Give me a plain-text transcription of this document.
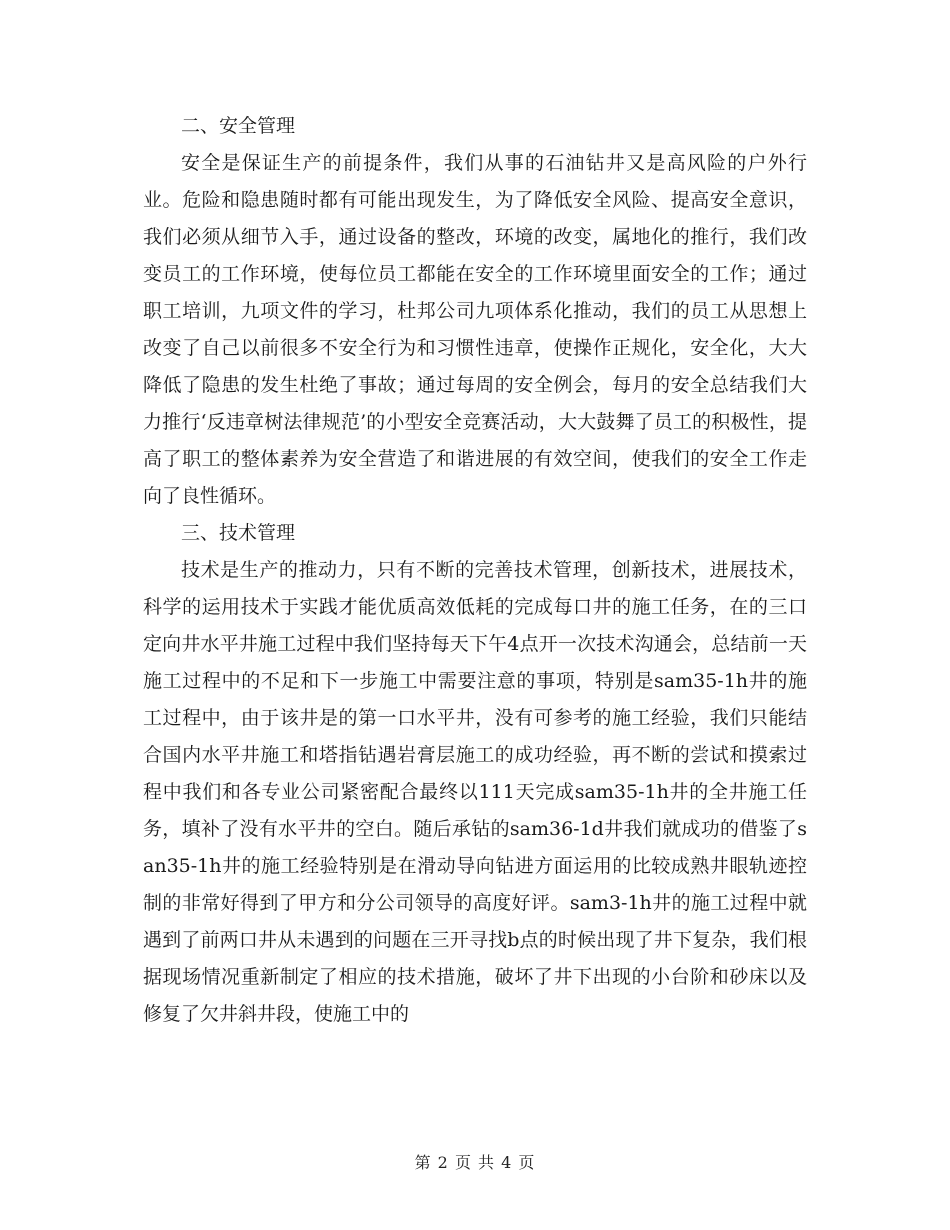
二、安全管理

安全是保证生产的前提条件，我们从事的石油钻井又是高风险的户外行业。危险和隐患随时都有可能出现发生，为了降低安全风险、提高安全意识，我们必须从细节入手，通过设备的整改，环境的改变，属地化的推行，我们改变员工的工作环境，使每位员工都能在安全的工作环境里面安全的工作；通过职工培训，九项文件的学习，杜邦公司九项体系化推动，我们的员工从思想上改变了自己以前很多不安全行为和习惯性违章，使操作正规化，安全化，大大降低了隐患的发生杜绝了事故；通过每周的安全例会，每月的安全总结我们大力推行‘反违章树法律规范’的小型安全竞赛活动，大大鼓舞了员工的积极性，提高了职工的整体素养为安全营造了和谐进展的有效空间，使我们的安全工作走向了良性循环。

三、技术管理

技术是生产的推动力，只有不断的完善技术管理，创新技术，进展技术，科学的运用技术于实践才能优质高效低耗的完成每口井的施工任务，在的三口定向井水平井施工过程中我们坚持每天下午4点开一次技术沟通会，总结前一天施工过程中的不足和下一步施工中需要注意的事项，特别是sam35-1h井的施工过程中，由于该井是的第一口水平井，没有可参考的施工经验，我们只能结合国内水平井施工和塔指钻遇岩膏层施工的成功经验，再不断的尝试和摸索过程中我们和各专业公司紧密配合最终以111天完成sam35-1h井的全井施工任务，填补了没有水平井的空白。随后承钻的sam36-1d井我们就成功的借鉴了san35-1h井的施工经验特别是在滑动导向钻进方面运用的比较成熟井眼轨迹控制的非常好得到了甲方和分公司领导的高度好评。sam3-1h井的施工过程中就遇到了前两口井从未遇到的问题在三开寻找b点的时候出现了井下复杂，我们根据现场情况重新制定了相应的技术措施，破坏了井下出现的小台阶和砂床以及修复了欠井斜井段，使施工中的

第 2 页 共 4 页
